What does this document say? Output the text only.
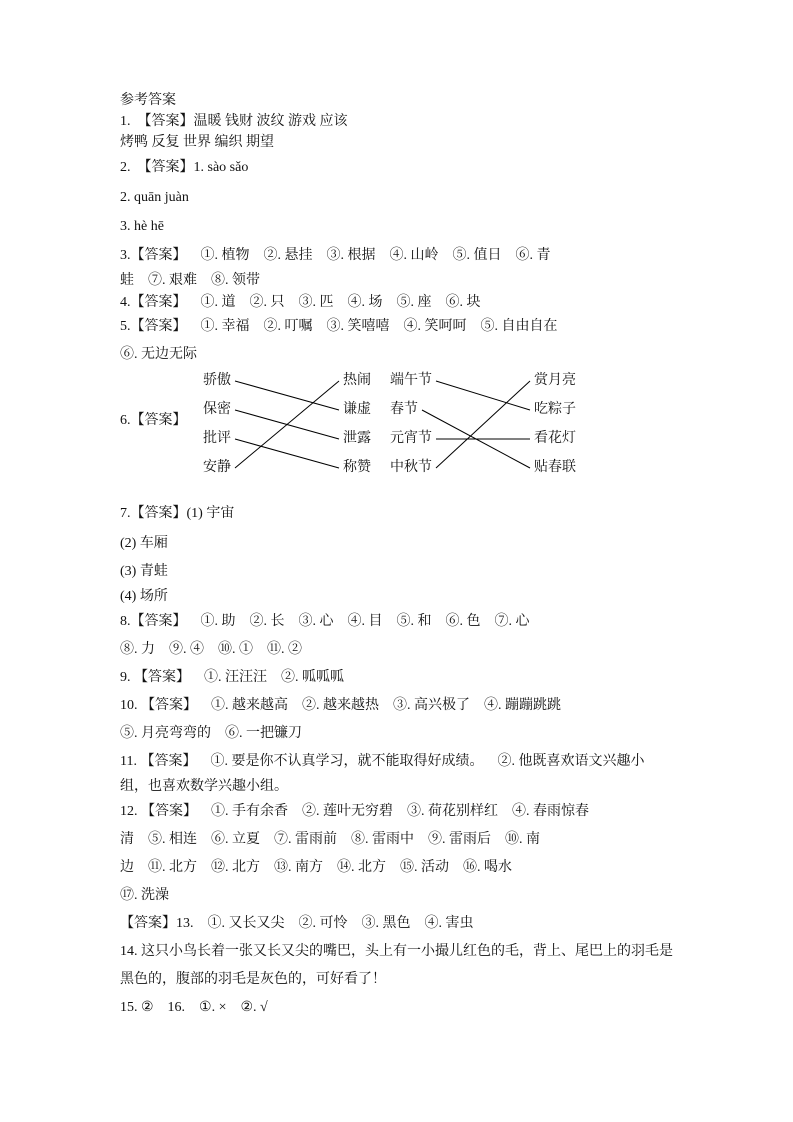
参考答案
1.  【答案】温暖 钱财 波纹 游戏 应该
烤鸭 反复 世界 编织 期望
2.  【答案】1. sào sǎo
2. quān juàn
3. hè hē
3.【答案】    ①. 植物    ②. 悬挂    ③. 根据    ④. 山岭    ⑤. 值日    ⑥. 青
蛙    ⑦. 艰难    ⑧. 领带
4.【答案】    ①. 道    ②. 只    ③. 匹    ④. 场    ⑤. 座    ⑥. 块
5.【答案】    ①. 幸福    ②. 叮嘱    ③. 笑嘻嘻    ④. 笑呵呵    ⑤. 自由自在
⑥. 无边无际
6.【答案】
骄傲
保密
批评
安静
热闹
谦虚
泄露
称赞
端午节
春节
元宵节
中秋节
赏月亮
吃粽子
看花灯
贴春联
7.【答案】(1) 宇宙
(2) 车厢
(3) 青蛙
(4) 场所
8.【答案】    ①. 助    ②. 长    ③. 心    ④. 目    ⑤. 和    ⑥. 色    ⑦. 心
⑧. 力    ⑨. ④    ⑩. ①    ⑪. ②
9. 【答案】    ①. 汪汪汪    ②. 呱呱呱
10. 【答案】    ①. 越来越高    ②. 越来越热    ③. 高兴极了    ④. 蹦蹦跳跳
⑤. 月亮弯弯的    ⑥. 一把镰刀
11. 【答案】    ①. 要是你不认真学习，就不能取得好成绩。    ②. 他既喜欢语文兴趣小
组，也喜欢数学兴趣小组。
12. 【答案】    ①. 手有余香    ②. 莲叶无穷碧    ③. 荷花别样红    ④. 春雨惊春
清    ⑤. 相连    ⑥. 立夏    ⑦. 雷雨前    ⑧. 雷雨中    ⑨. 雷雨后    ⑩. 南
边    ⑪. 北方    ⑫. 北方    ⑬. 南方    ⑭. 北方    ⑮. 活动    ⑯. 喝水
⑰. 洗澡
【答案】13.    ①. 又长又尖    ②. 可怜    ③. 黑色    ④. 害虫
14. 这只小鸟长着一张又长又尖的嘴巴，头上有一小撮儿红色的毛，背上、尾巴上的羽毛是
黑色的，腹部的羽毛是灰色的，可好看了！
15. ②    16.    ①. ×    ②. √
